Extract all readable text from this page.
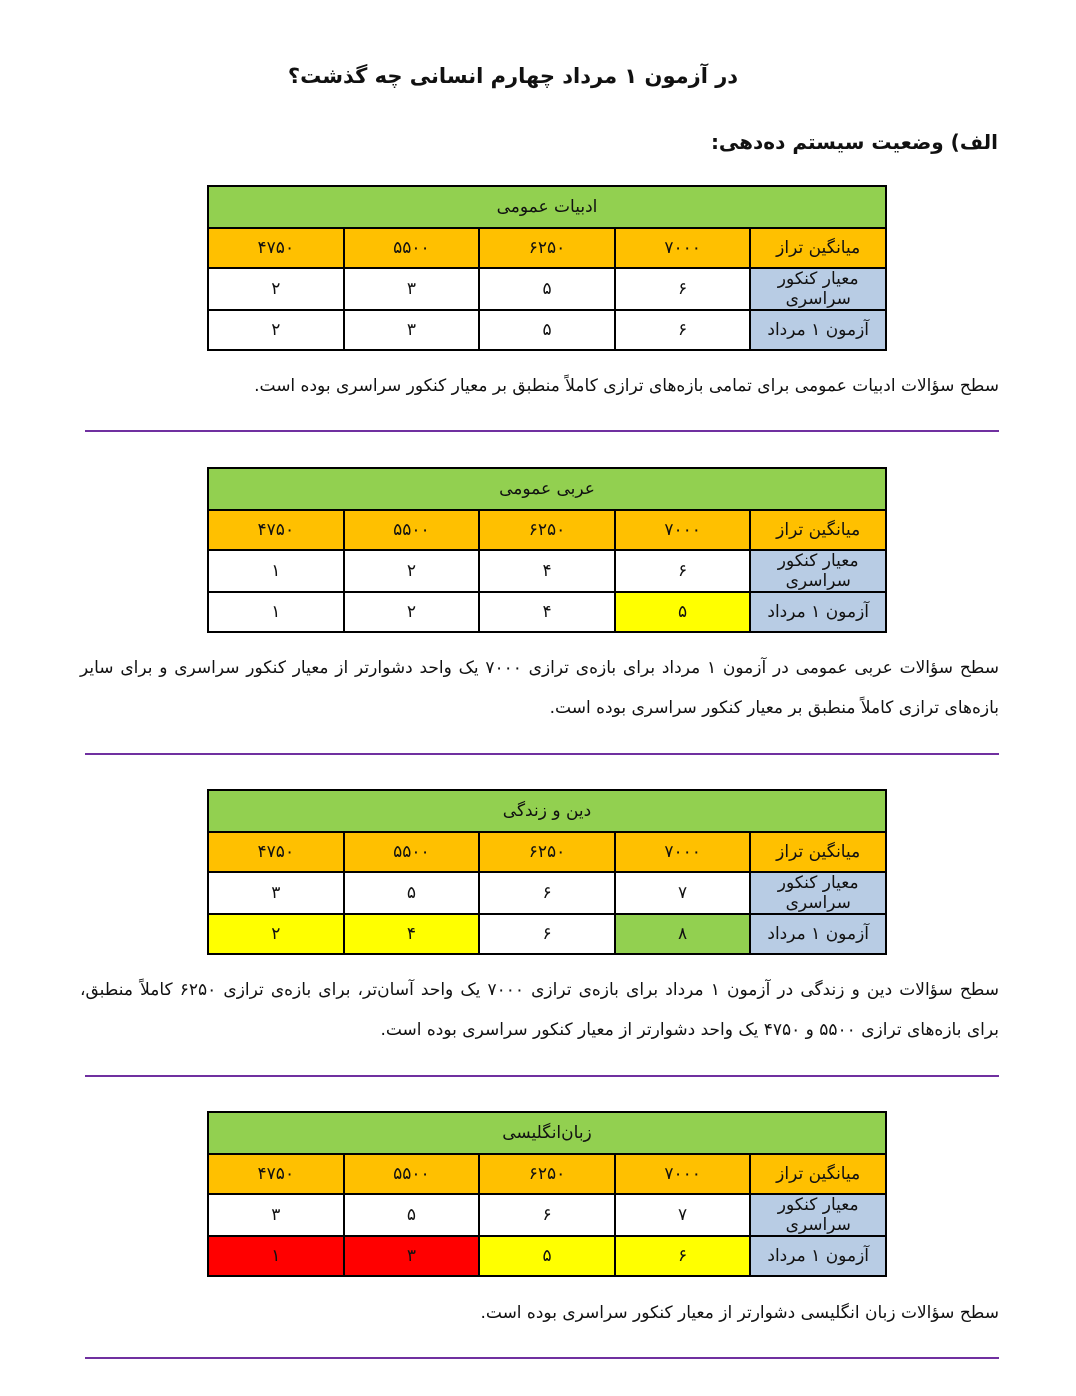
در آزمون ۱ مرداد چهارم انسانی چه گذشت؟
الف) وضعیت سیستم ده‌دهی:
ادبیات عمومی				
میانگین تراز	۷۰۰۰	۶۲۵۰	۵۵۰۰	۴۷۵۰
معیار کنکور سراسری	۶	۵	۳	۲
آزمون ۱ مرداد	۶	۵	۳	۲

سطح سؤالات ادبیات عمومی برای تمامی بازه‌های ترازی کاملاً منطبق بر معیار کنکور سراسری بوده است.

عربی عمومی				
میانگین تراز	۷۰۰۰	۶۲۵۰	۵۵۰۰	۴۷۵۰
معیار کنکور سراسری	۶	۴	۲	۱
آزمون ۱ مرداد	۵	۴	۲	۱

سطح سؤالات عربی عمومی در آزمون ۱ مرداد برای بازه‌ی ترازی ۷۰۰۰ یک واحد دشوارتر از معیار کنکور سراسری و برای سایر بازه‌های ترازی کاملاً منطبق بر معیار کنکور سراسری بوده است.

دین و زندگی				
میانگین تراز	۷۰۰۰	۶۲۵۰	۵۵۰۰	۴۷۵۰
معیار کنکور سراسری	۷	۶	۵	۳
آزمون ۱ مرداد	۸	۶	۴	۲

سطح سؤالات دین و زندگی در آزمون ۱ مرداد برای بازه‌ی ترازی ۷۰۰۰ یک واحد آسان‌تر، برای بازه‌ی ترازی ۶۲۵۰ کاملاً منطبق، برای بازه‌های ترازی ۵۵۰۰ و ۴۷۵۰ یک واحد دشوارتر از معیار کنکور سراسری بوده است.

زبان‌انگلیسی				
میانگین تراز	۷۰۰۰	۶۲۵۰	۵۵۰۰	۴۷۵۰
معیار کنکور سراسری	۷	۶	۵	۳
آزمون ۱ مرداد	۶	۵	۳	۱

سطح سؤالات زبان انگلیسی دشوارتر از معیار کنکور سراسری بوده است.
